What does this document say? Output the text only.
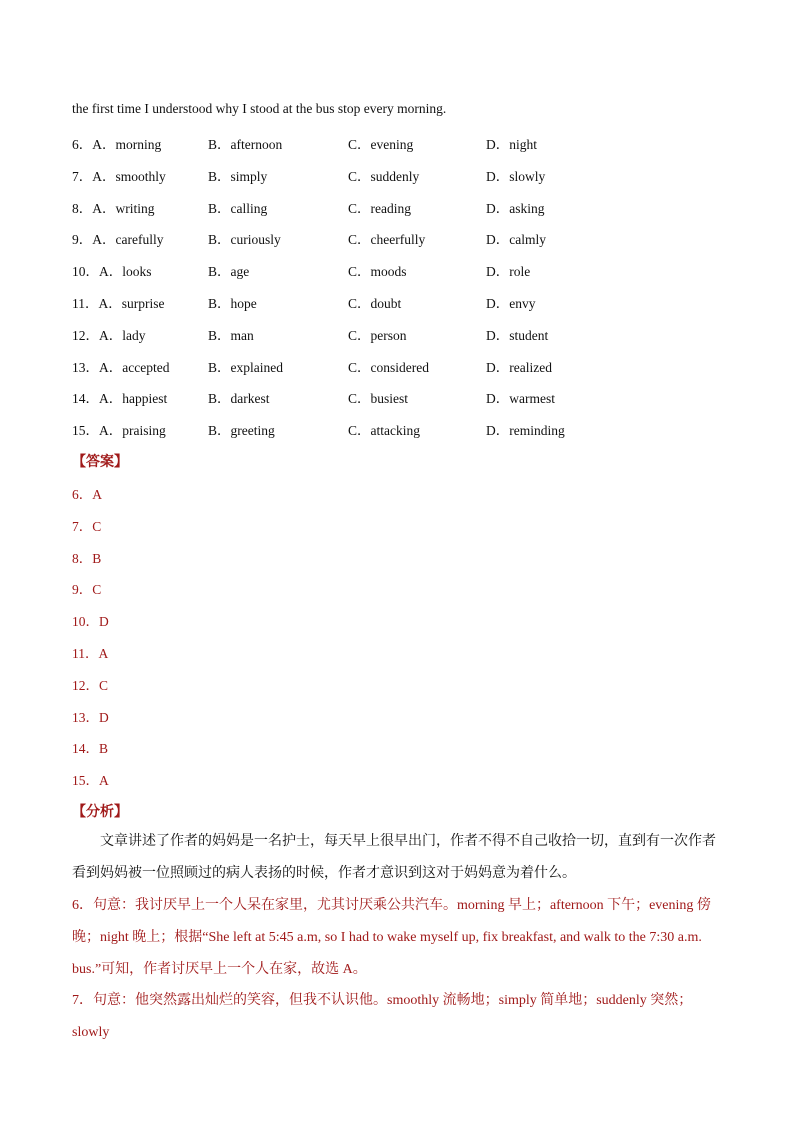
the first time I understood why I stood at the bus stop every morning.
6．A．morning	B．afternoon	C．evening	D．night
7．A．smoothly	B．simply	C．suddenly	D．slowly
8．A．writing	B．calling	C．reading	D．asking
9．A．carefully	B．curiously	C．cheerfully	D．calmly
10．A．looks	B．age	C．moods	D．role
11．A．surprise	B．hope	C．doubt	D．envy
12．A．lady	B．man	C．person	D．student
13．A．accepted	B．explained	C．considered	D．realized
14．A．happiest	B．darkest	C．busiest	D．warmest
15．A．praising	B．greeting	C．attacking	D．reminding
【答案】
6．A
7．C
8．B
9．C
10．D
11．A
12．C
13．D
14．B
15．A
【分析】
文章讲述了作者的妈妈是一名护士，每天早上很早出门，作者不得不自己收拾一切，直到有一次作者看到妈妈被一位照顾过的病人表扬的时候，作者才意识到这对于妈妈意为着什么。
6．句意：我讨厌早上一个人呆在家里，尤其讨厌乘公共汽车。morning 早上；afternoon 下午；evening 傍晚；night 晚上；根据“She left at 5:45 a.m, so I had to wake myself up, fix breakfast, and walk to the 7:30 a.m. bus.”可知，作者讨厌早上一个人在家，故选 A。
7．句意：他突然露出灿烂的笑容，但我不认识他。smoothly 流畅地；simply 简单地；suddenly 突然；slowly
